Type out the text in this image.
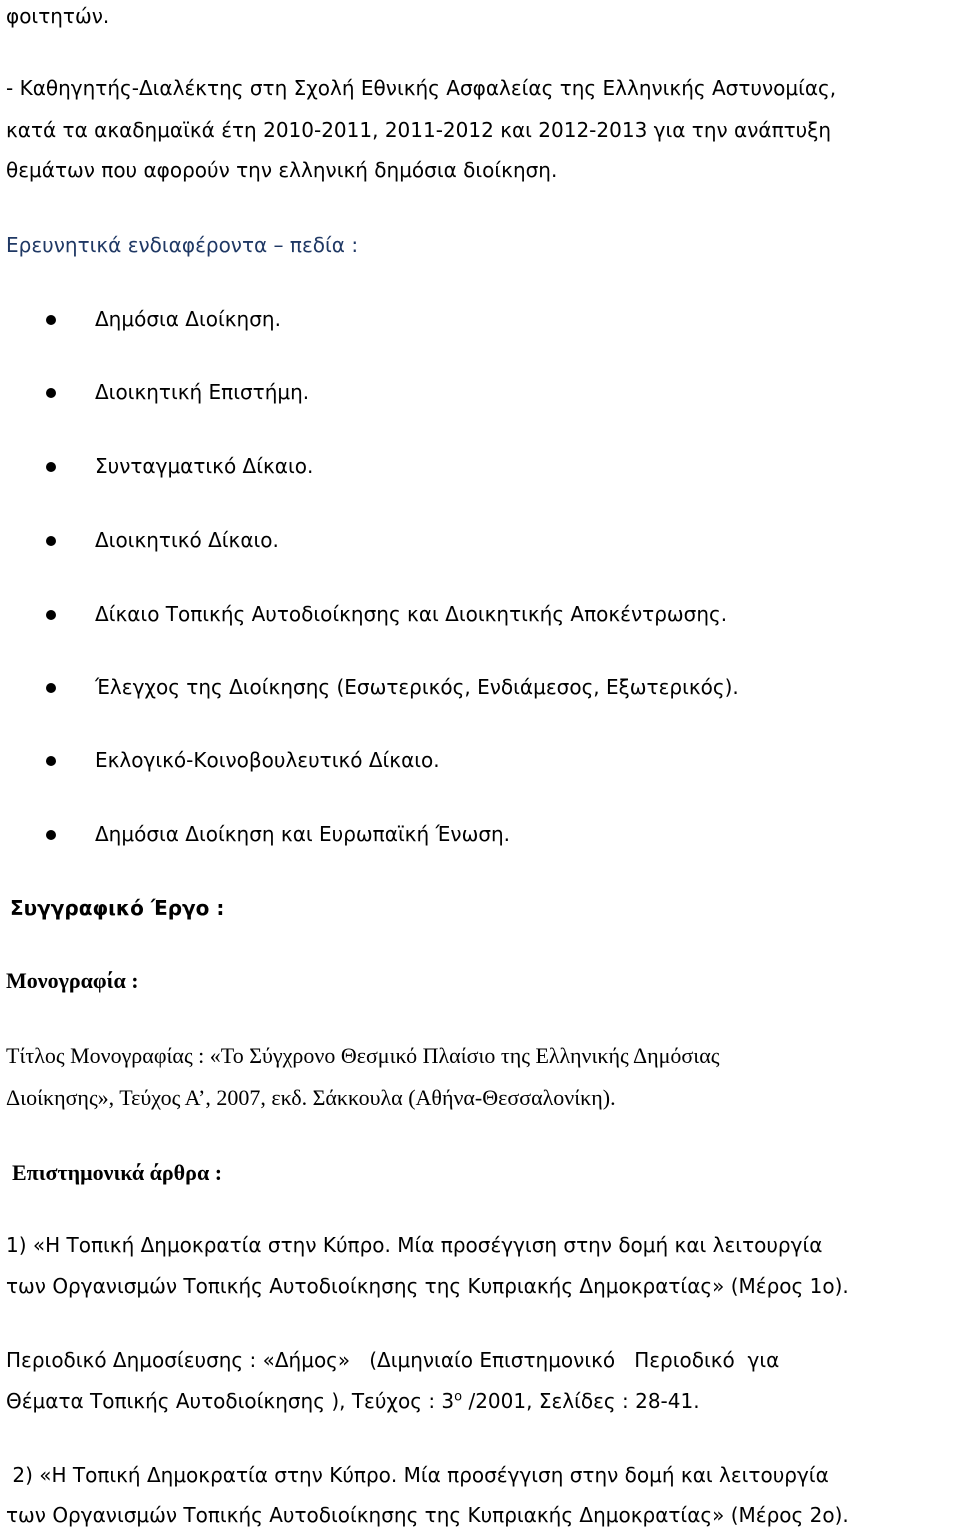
φοιτητών.
- Καθηγητής-Διαλέκτης στη Σχολή Εθνικής Ασφαλείας της Ελληνικής Αστυνομίας,
κατά τα ακαδημαϊκά έτη 2010-2011, 2011-2012 και 2012-2013 για την ανάπτυξη
θεμάτων που αφορούν την ελληνική δημόσια διοίκηση.
Ερευνητικά ενδιαφέροντα – πεδία :
Δημόσια Διοίκηση.
Διοικητική Επιστήμη.
Συνταγματικό Δίκαιο.
Διοικητικό Δίκαιο.
Δίκαιο Τοπικής Αυτοδιοίκησης και Διοικητικής Αποκέντρωσης.
Έλεγχος της Διοίκησης (Εσωτερικός, Ενδιάμεσος, Εξωτερικός).
Εκλογικό-Κοινοβουλευτικό Δίκαιο.
Δημόσια Διοίκηση και Ευρωπαϊκή Ένωση.
Συγγραφικό Έργο :
Μονογραφία :
Τίτλος Μονογραφίας : «Το Σύγχρονο Θεσμικό Πλαίσιο της Ελληνικής Δημόσιας
Διοίκησης», Τεύχος Α’, 2007, εκδ. Σάκκουλα (Αθήνα-Θεσσαλονίκη).
Επιστημονικά άρθρα :
1) «Η Τοπική Δημοκρατία στην Κύπρο. Μία προσέγγιση στην δομή και λειτουργία
των Οργανισμών Τοπικής Αυτοδιοίκησης της Κυπριακής Δημοκρατίας» (Μέρος 1ο).
Περιοδικό Δημοσίευσης : «Δήμος»   (Διμηνιαίο Επιστημονικό   Περιοδικό  για
Θέματα Τοπικής Αυτοδιοίκησης ), Τεύχος : $3^o$ /2001, Σελίδες : 28-41.
2) «Η Τοπική Δημοκρατία στην Κύπρο. Μία προσέγγιση στην δομή και λειτουργία
των Οργανισμών Τοπικής Αυτοδιοίκησης της Κυπριακής Δημοκρατίας» (Μέρος 2ο).
